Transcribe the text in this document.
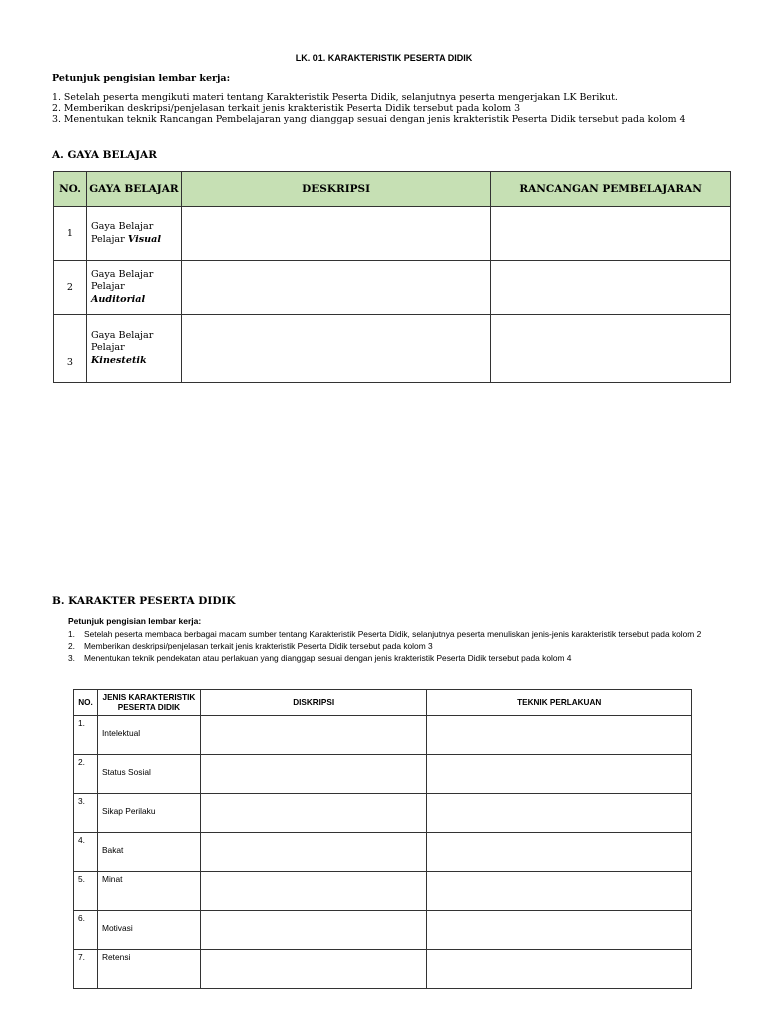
LK. 01. KARAKTERISTIK PESERTA DIDIK
Petunjuk pengisian lembar kerja:
1. Setelah peserta mengikuti materi tentang Karakteristik Peserta Didik, selanjutnya peserta mengerjakan LK Berikut.
2. Memberikan deskripsi/penjelasan terkait jenis krakteristik Peserta Didik tersebut pada kolom 3
3. Menentukan teknik Rancangan Pembelajaran yang dianggap sesuai dengan jenis krakteristik Peserta Didik tersebut pada kolom 4
A. GAYA BELAJAR
NO.	GAYA BELAJAR	DESKRIPSI	RANCANGAN PEMBELAJARAN
1	Gaya Belajar
Pelajar Visual		

2	Gaya Belajar
Pelajar
Auditorial		
3	Gaya Belajar
Pelajar
Kinestetik		
B. KARAKTER PESERTA DIDIK
Petunjuk pengisian lembar kerja:
1. Setelah peserta membaca berbagai macam sumber tentang Karakteristik Peserta Didik, selanjutnya peserta menuliskan jenis-jenis karakteristik tersebut pada kolom 2
2. Memberikan deskripsi/penjelasan terkait jenis krakteristik Peserta Didik tersebut pada kolom 3
3. Menentukan teknik pendekatan atau perlakuan yang dianggap sesuai dengan jenis krakteristik Peserta Didik tersebut pada kolom 4
NO.	JENIS KARAKTERISTIK PESERTA DIDIK	DISKRIPSI	TEKNIK PERLAKUAN
1.	Intelektual		

2.	Status Sosial		

3.	Sikap Perilaku		

4.	Bakat		

5.	Minat		

6.	Motivasi		

7.	Retensi		
